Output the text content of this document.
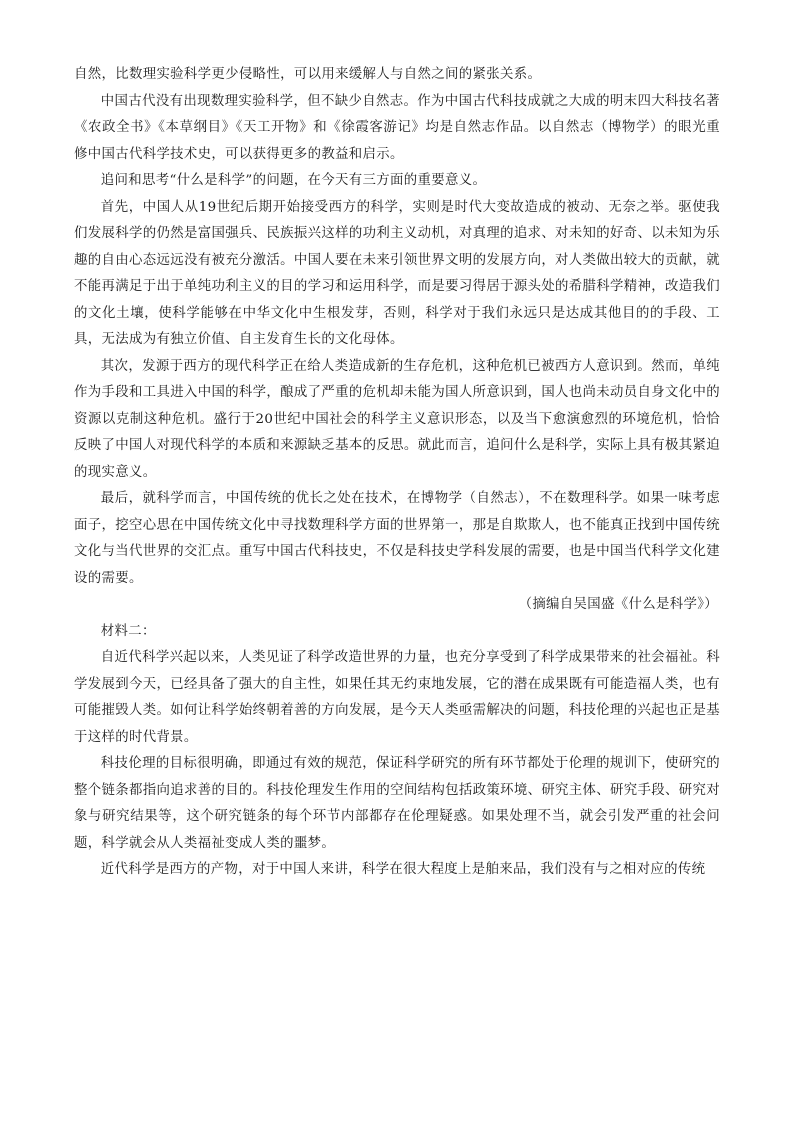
自然，比数理实验科学更少侵略性，可以用来缓解人与自然之间的紧张关系。

中国古代没有出现数理实验科学，但不缺少自然志。作为中国古代科技成就之大成的明末四大科技名著《农政全书》《本草纲目》《天工开物》和《徐霞客游记》均是自然志作品。以自然志（博物学）的眼光重修中国古代科学技术史，可以获得更多的教益和启示。

追问和思考“什么是科学”的问题，在今天有三方面的重要意义。

首先，中国人从19世纪后期开始接受西方的科学，实则是时代大变故造成的被动、无奈之举。驱使我们发展科学的仍然是富国强兵、民族振兴这样的功利主义动机，对真理的追求、对未知的好奇、以未知为乐趣的自由心态远远没有被充分激活。中国人要在未来引领世界文明的发展方向，对人类做出较大的贡献，就不能再满足于出于单纯功利主义的目的学习和运用科学，而是要习得居于源头处的希腊科学精神，改造我们的文化土壤，使科学能够在中华文化中生根发芽，否则，科学对于我们永远只是达成其他目的的手段、工具，无法成为有独立价值、自主发育生长的文化母体。

其次，发源于西方的现代科学正在给人类造成新的生存危机，这种危机已被西方人意识到。然而，单纯作为手段和工具进入中国的科学，酿成了严重的危机却未能为国人所意识到，国人也尚未动员自身文化中的资源以克制这种危机。盛行于20世纪中国社会的科学主义意识形态，以及当下愈演愈烈的环境危机，恰恰反映了中国人对现代科学的本质和来源缺乏基本的反思。就此而言，追问什么是科学，实际上具有极其紧迫的现实意义。

最后，就科学而言，中国传统的优长之处在技术，在博物学（自然志），不在数理科学。如果一味考虑面子，挖空心思在中国传统文化中寻找数理科学方面的世界第一，那是自欺欺人，也不能真正找到中国传统文化与当代世界的交汇点。重写中国古代科技史，不仅是科技史学科发展的需要，也是中国当代科学文化建设的需要。

（摘编自吴国盛《什么是科学》）

材料二：

自近代科学兴起以来，人类见证了科学改造世界的力量，也充分享受到了科学成果带来的社会福祉。科学发展到今天，已经具备了强大的自主性，如果任其无约束地发展，它的潜在成果既有可能造福人类，也有可能摧毁人类。如何让科学始终朝着善的方向发展，是今天人类亟需解决的问题，科技伦理的兴起也正是基于这样的时代背景。

科技伦理的目标很明确，即通过有效的规范，保证科学研究的所有环节都处于伦理的规训下，使研究的整个链条都指向追求善的目的。科技伦理发生作用的空间结构包括政策环境、研究主体、研究手段、研究对象与研究结果等，这个研究链条的每个环节内部都存在伦理疑惑。如果处理不当，就会引发严重的社会问题，科学就会从人类福祉变成人类的噩梦。

近代科学是西方的产物，对于中国人来讲，科学在很大程度上是舶来品，我们没有与之相对应的传统
